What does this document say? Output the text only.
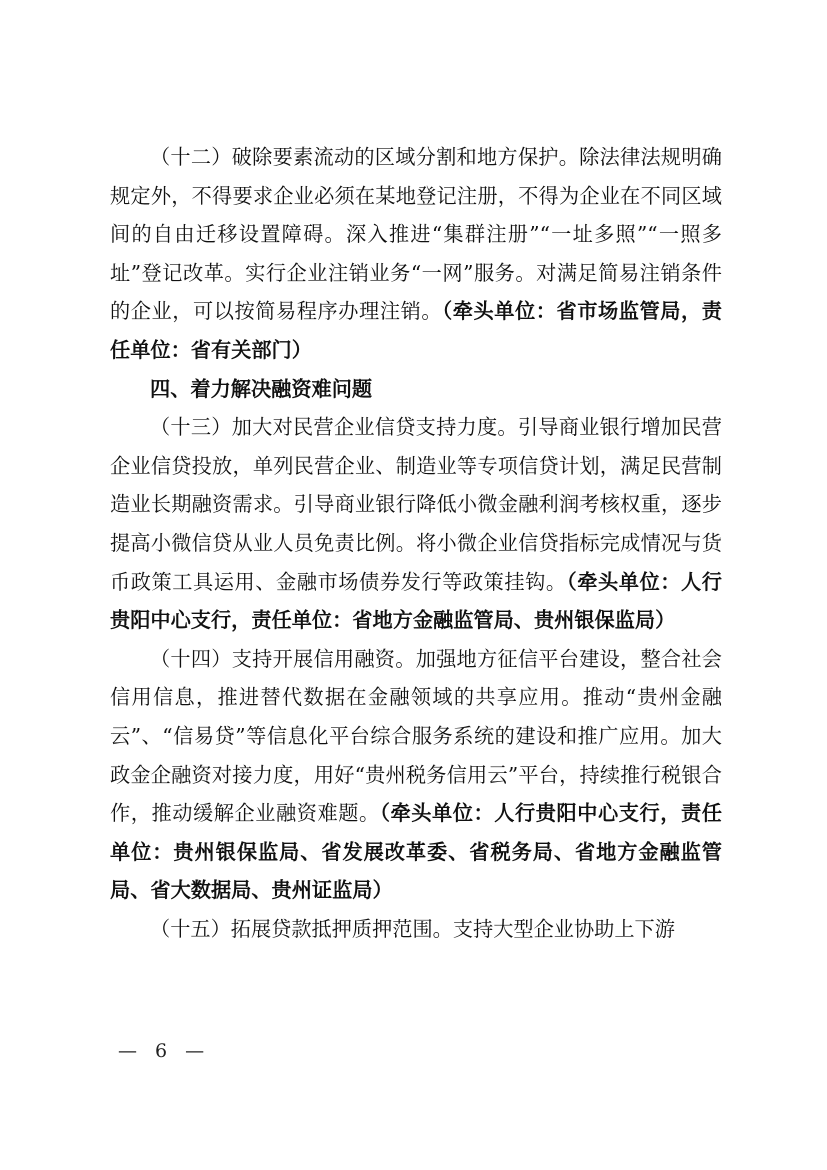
（十二）破除要素流动的区域分割和地方保护。除法律法规明确规定外，不得要求企业必须在某地登记注册，不得为企业在不同区域间的自由迁移设置障碍。深入推进“集群注册”“一址多照”“一照多址”登记改革。实行企业注销业务“一网”服务。对满足简易注销条件的企业，可以按简易程序办理注销。（牵头单位：省市场监管局，责任单位：省有关部门）

四、着力解决融资难问题

（十三）加大对民营企业信贷支持力度。引导商业银行增加民营企业信贷投放，单列民营企业、制造业等专项信贷计划，满足民营制造业长期融资需求。引导商业银行降低小微金融利润考核权重，逐步提高小微信贷从业人员免责比例。将小微企业信贷指标完成情况与货币政策工具运用、金融市场债券发行等政策挂钩。（牵头单位：人行贵阳中心支行，责任单位：省地方金融监管局、贵州银保监局）

（十四）支持开展信用融资。加强地方征信平台建设，整合社会信用信息，推进替代数据在金融领域的共享应用。推动“贵州金融云”、“信易贷”等信息化平台综合服务系统的建设和推广应用。加大政金企融资对接力度，用好“贵州税务信用云”平台，持续推行税银合作，推动缓解企业融资难题。（牵头单位：人行贵阳中心支行，责任单位：贵州银保监局、省发展改革委、省税务局、省地方金融监管局、省大数据局、贵州证监局）

（十五）拓展贷款抵押质押范围。支持大型企业协助上下游

— 6 —
